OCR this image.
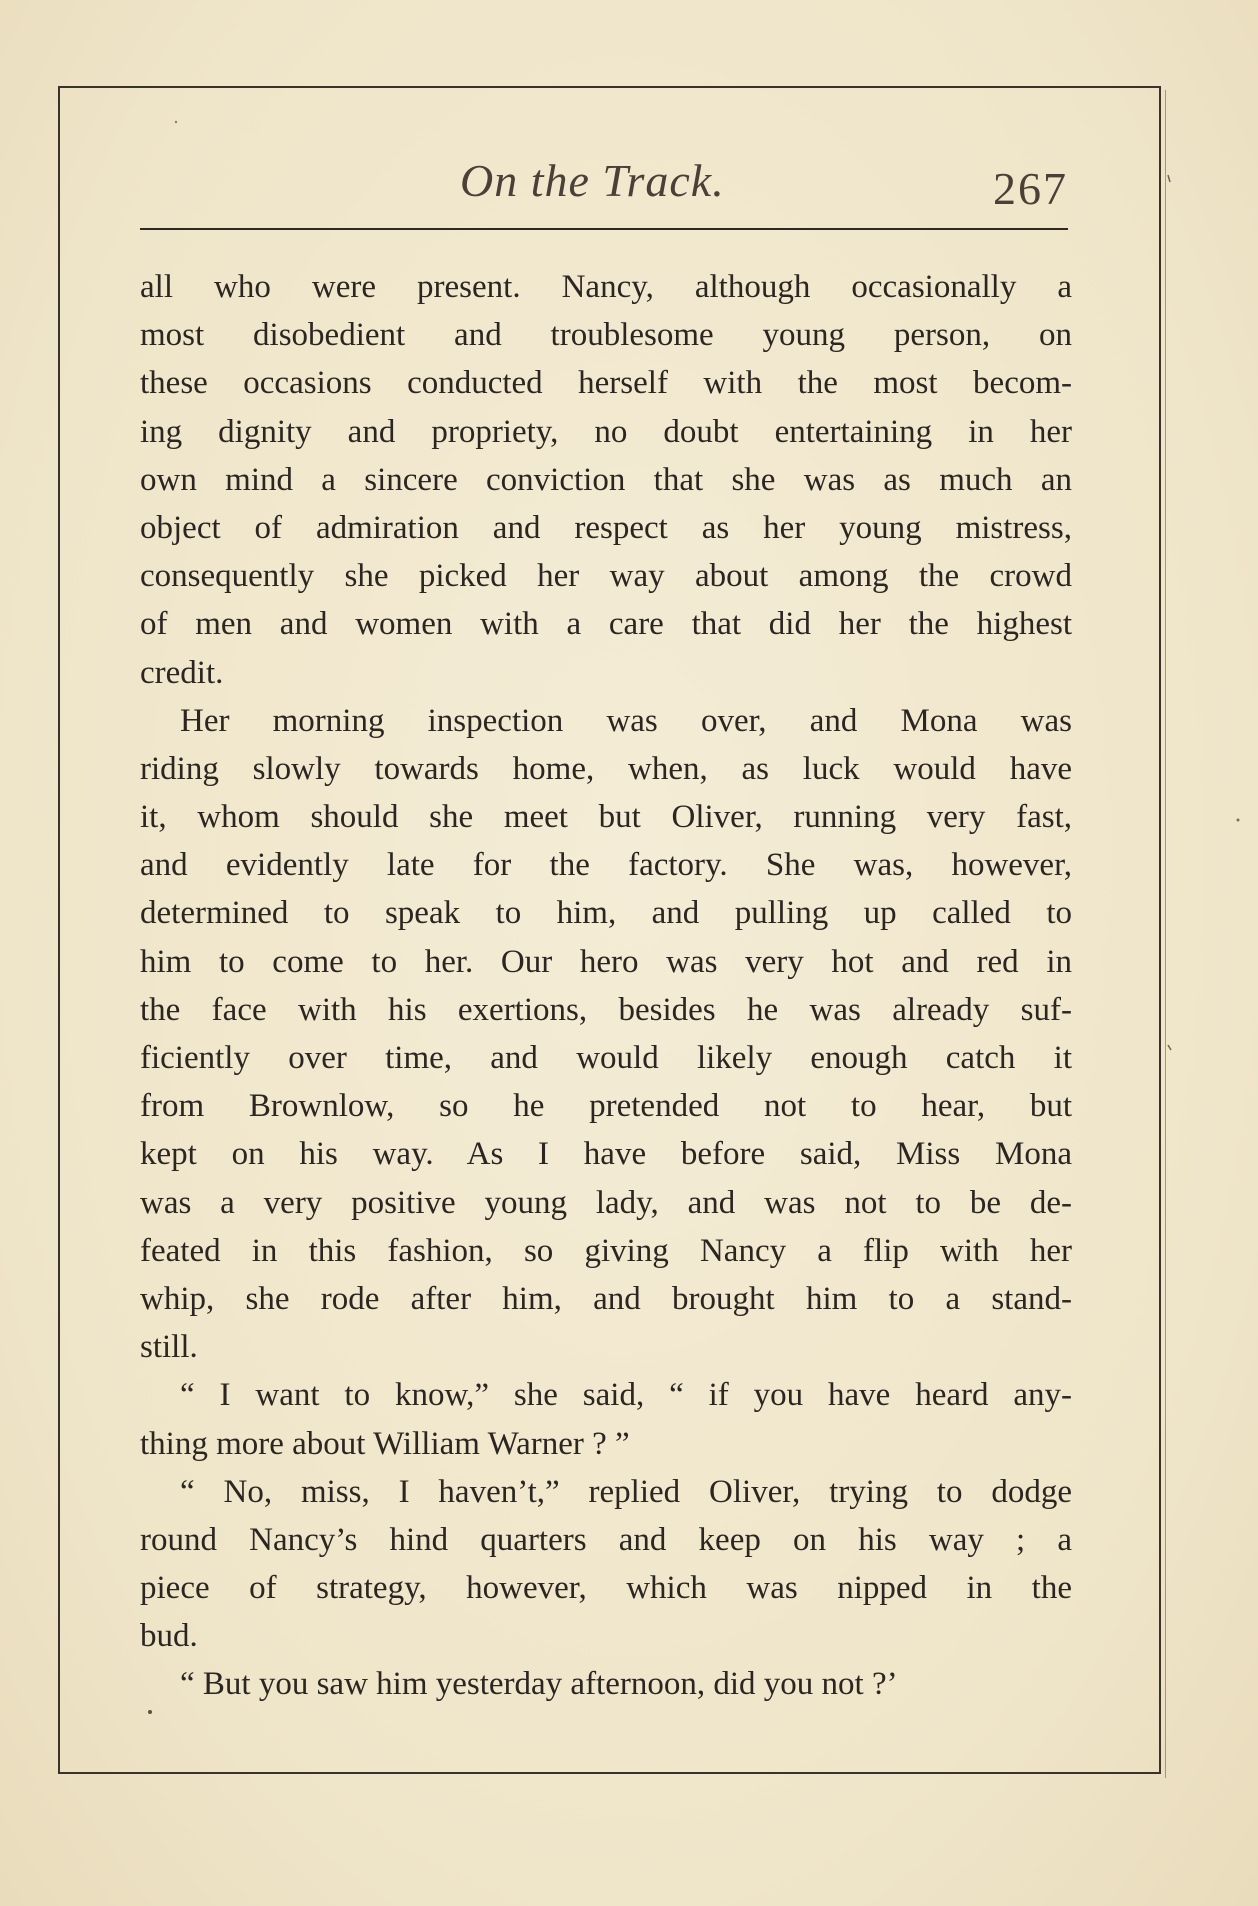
On the Track.	267
all who were present. Nancy, although occasionally a
most disobedient and troublesome young person, on
these occasions conducted herself with the most becom-
ing dignity and propriety, no doubt entertaining in her
own mind a sincere conviction that she was as much an
object of admiration and respect as her young mistress,
consequently she picked her way about among the crowd
of men and women with a care that did her the highest
credit.
Her morning inspection was over, and Mona was
riding slowly towards home, when, as luck would have
it, whom should she meet but Oliver, running very fast,
and evidently late for the factory. She was, however,
determined to speak to him, and pulling up called to
him to come to her. Our hero was very hot and red in
the face with his exertions, besides he was already suf-
ficiently over time, and would likely enough catch it
from Brownlow, so he pretended not to hear, but
kept on his way. As I have before said, Miss Mona
was a very positive young lady, and was not to be de-
feated in this fashion, so giving Nancy a flip with her
whip, she rode after him, and brought him to a stand-
still.
“ I want to know,” she said, “ if you have heard any-
thing more about William Warner ? ”
“ No, miss, I haven’t,” replied Oliver, trying to dodge
round Nancy’s hind quarters and keep on his way ; a
piece of strategy, however, which was nipped in the
bud.
“ But you saw him yesterday afternoon, did you not ?’
